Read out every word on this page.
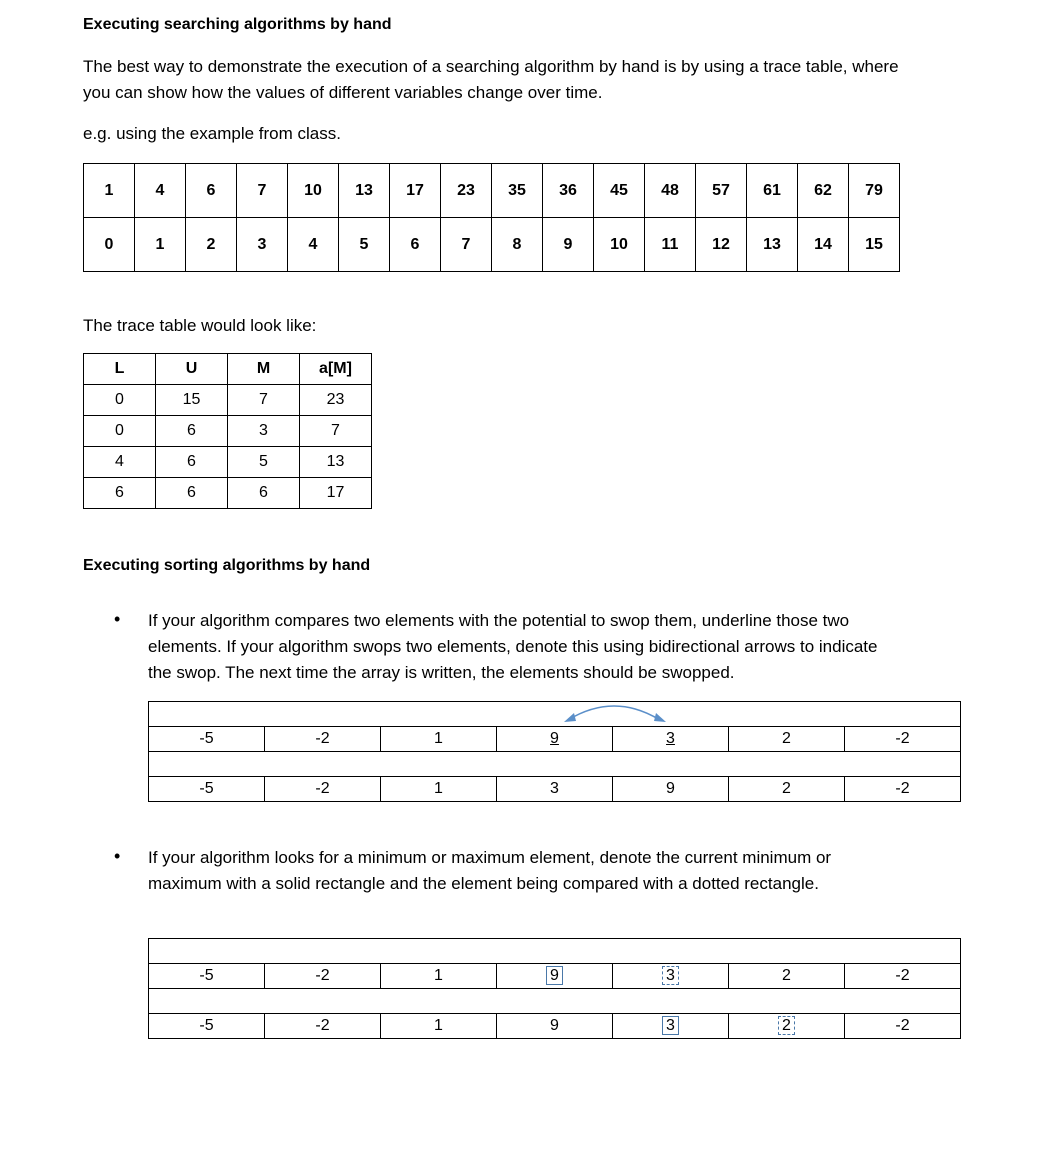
Executing searching algorithms by hand
The best way to demonstrate the execution of a searching algorithm by hand is by using a trace table, where
you can show how the values of different variables change over time.
e.g. using the example from class.
1	4	6	7	10	13	17	23	35	36	45	48	57	61	62	79
0	1	2	3	4	5	6	7	8	9	10	11	12	13	14	15
The trace table would look like:
L	U	M	a[M]
0	15	7	23
0	6	3	7
4	6	5	13
6	6	6	17
Executing sorting algorithms by hand
• If your algorithm compares two elements with the potential to swop them, underline those two
elements. If your algorithm swops two elements, denote this using bidirectional arrows to indicate
the swop. The next time the array is written, the elements should be swopped.

-5	-2	1	9	3	2	-2

-5	-2	1	3	9	2	-2
• If your algorithm looks for a minimum or maximum element, denote the current minimum or
maximum with a solid rectangle and the element being compared with a dotted rectangle.

-5	-2	1	9	3	2	-2

-5	-2	1	9	3	2	-2
